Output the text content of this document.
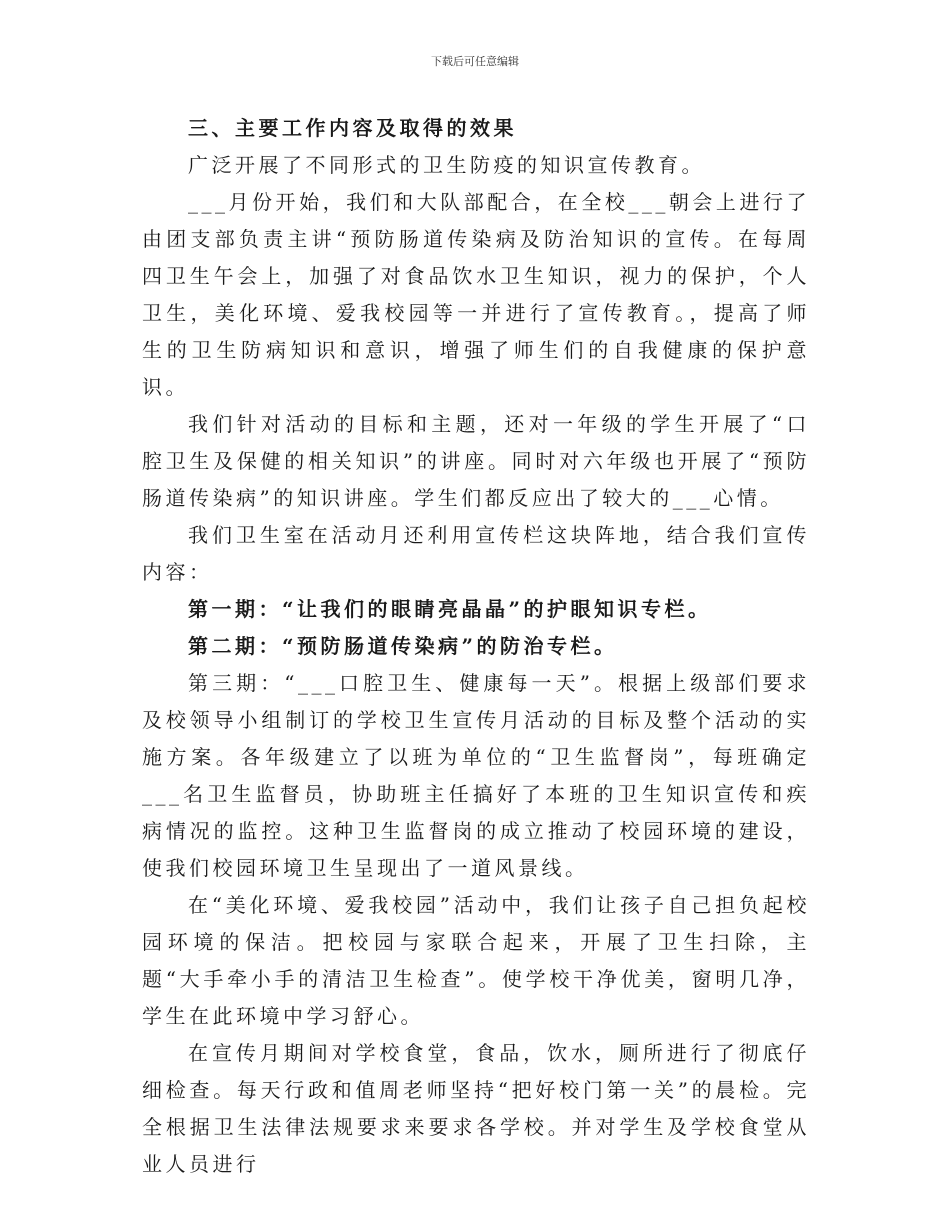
下载后可任意编辑

三、主要工作内容及取得的效果

广泛开展了不同形式的卫生防疫的知识宣传教育。

___月份开始，我们和大队部配合，在全校___朝会上进行了由团支部负责主讲“预防肠道传染病及防治知识的宣传。在每周四卫生午会上，加强了对食品饮水卫生知识，视力的保护，个人卫生，美化环境、爱我校园等一并进行了宣传教育。，提高了师生的卫生防病知识和意识，增强了师生们的自我健康的保护意识。

我们针对活动的目标和主题，还对一年级的学生开展了“口腔卫生及保健的相关知识”的讲座。同时对六年级也开展了“预防肠道传染病”的知识讲座。学生们都反应出了较大的___心情。

我们卫生室在活动月还利用宣传栏这块阵地，结合我们宣传内容：

第一期：“让我们的眼睛亮晶晶”的护眼知识专栏。

第二期：“预防肠道传染病”的防治专栏。

第三期：“___口腔卫生、健康每一天”。根据上级部们要求及校领导小组制订的学校卫生宣传月活动的目标及整个活动的实施方案。各年级建立了以班为单位的“卫生监督岗”，每班确定___名卫生监督员，协助班主任搞好了本班的卫生知识宣传和疾病情况的监控。这种卫生监督岗的成立推动了校园环境的建设，使我们校园环境卫生呈现出了一道风景线。

在“美化环境、爱我校园”活动中，我们让孩子自己担负起校园环境的保洁。把校园与家联合起来，开展了卫生扫除，主题“大手牵小手的清洁卫生检查”。使学校干净优美，窗明几净，学生在此环境中学习舒心。

在宣传月期间对学校食堂，食品，饮水，厕所进行了彻底仔细检查。每天行政和值周老师坚持“把好校门第一关”的晨检。完全根据卫生法律法规要求来要求各学校。并对学生及学校食堂从业人员进行
